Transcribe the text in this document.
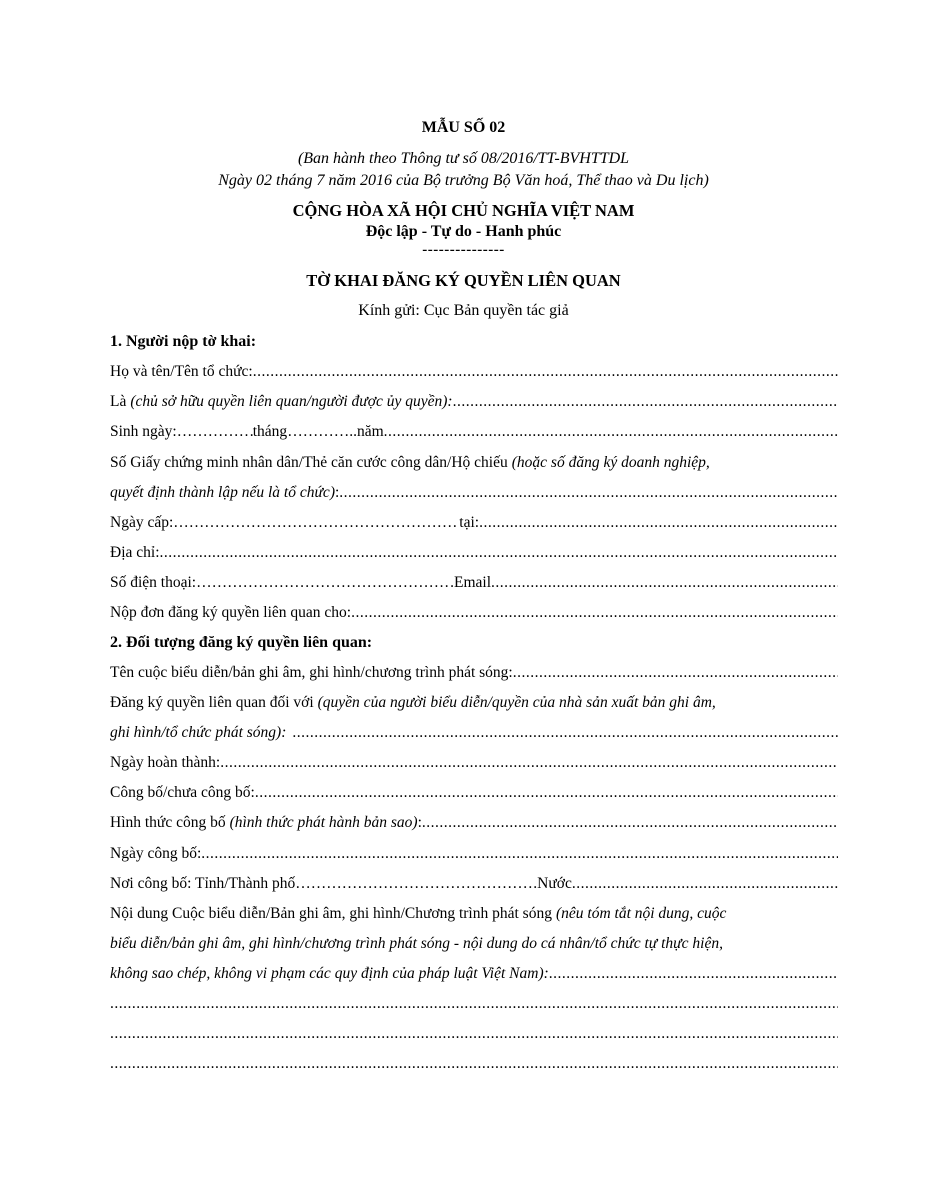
MẪU SỐ 02
(Ban hành theo Thông tư số 08/2016/TT-BVHTTDL
Ngày 02 tháng 7 năm 2016 của Bộ trưởng Bộ Văn hoá, Thể thao và Du lịch)
CỘNG HÒA XÃ HỘI CHỦ NGHĨA VIỆT NAM
Độc lập - Tự do - Hanh phúc
---------------
TỜ KHAI ĐĂNG KÝ QUYỀN LIÊN QUAN
Kính gửi: Cục Bản quyền tác giả
1. Người nộp tờ khai:
Họ và tên/Tên tổ chức:
.....
Là (chủ sở hữu quyền liên quan/người được ủy quyền):
.....
Sinh ngày: ……………………………………………………………………………………………………………	tháng ……………………………………………………………………………………………………………	..năm
.....
Số Giấy chứng minh nhân dân/Thẻ căn cước công dân/Hộ chiếu (hoặc số đăng ký doanh nghiệp,
quyết định thành lập nếu là tổ chức) :
.....
Ngày cấp: ……………………………………………………………………………………………………………	tại:
.....
Địa chỉ:
.....
Số điện thoại: ……………………………………………………………………………………………………………	.Email
.....
Nộp đơn đăng ký quyền liên quan cho:
.....
2. Đối tượng đăng ký quyền liên quan:
Tên cuộc biểu diễn/bản ghi âm, ghi hình/chương trình phát sóng:
.....
Đăng ký quyền liên quan đối với (quyền của người biểu diễn/quyền của nhà sản xuất bản ghi âm,
ghi hình/tổ chức phát sóng):
.....
Ngày hoàn thành:
.....
Công bố/chưa công bố:
.....
Hình thức công bố (hình thức phát hành bản sao) :
.....
Ngày công bố:
.....
Nơi công bố: Tỉnh/Thành phố ……………………………………………………………………………………………………………	.Nước
.....
Nội dung Cuộc biểu diễn/Bản ghi âm, ghi hình/Chương trình phát sóng (nêu tóm tắt nội dung, cuộc
biểu diễn/bản ghi âm, ghi hình/chương trình phát sóng - nội dung do cá nhân/tổ chức tự thực hiện,
không sao chép, không vi phạm các quy định của pháp luật Việt Nam):
.....
.....
.....
.....
